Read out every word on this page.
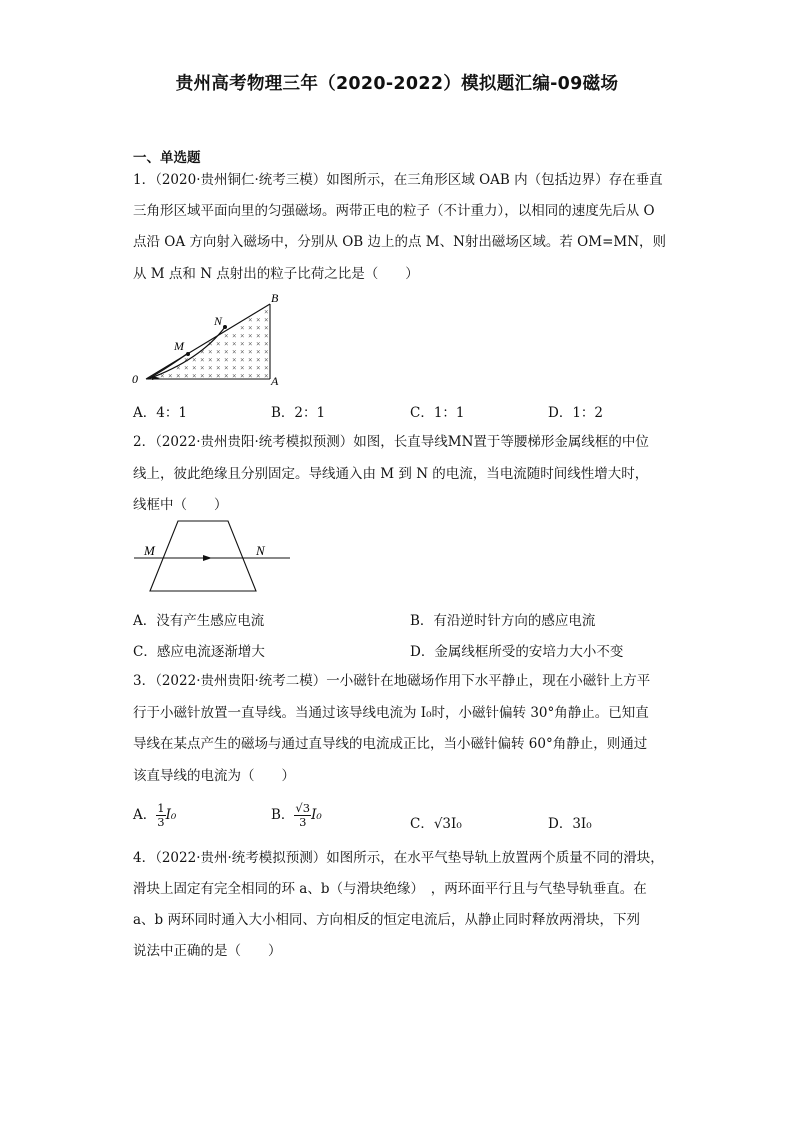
贵州高考物理三年（2020-2022）模拟题汇编-09磁场
一、单选题
1．（2020·贵州铜仁·统考三模）如图所示，在三角形区域 OAB 内（包括边界）存在垂直
三角形区域平面向里的匀强磁场。两带正电的粒子（不计重力），以相同的速度先后从 O
点沿 OA 方向射入磁场中，分别从 OB 边上的点 M、N射出磁场区域。若 OM=MN，则
从 M 点和 N 点射出的粒子比荷之比是（　　）
×
× × ×
× × × ×
× × × × × ×
× × × × × × × ×
× × × × × × × × ×
× × × × × × × × × × ×
× × × × × × × × × × × ×
× × × × × × × × × × × × × ×
0	A
B
M
N
A．4：1	B．2：1	C．1：1	D．1：2
2．（2022·贵州贵阳·统考模拟预测）如图，长直导线MN置于等腰梯形金属线框的中位
线上，彼此绝缘且分别固定。导线通入由 M 到 N 的电流，当电流随时间线性增大时，
线框中（　　）
M	N
A．没有产生感应电流	B．有沿逆时针方向的感应电流
C．感应电流逐渐增大	D．金属线框所受的安培力大小不变
3．（2022·贵州贵阳·统考二模）一小磁针在地磁场作用下水平静止，现在小磁针上方平
行于小磁针放置一直导线。当通过该导线电流为 I₀时，小磁针偏转 30°角静止。已知直
导线在某点产生的磁场与通过直导线的电流成正比，当小磁针偏转 60°角静止，则通过
该直导线的电流为（　　）
A． $\frac{1}{3} I_0$	B． $\frac{√3}{3} I_0$
C．√3I₀	D．3I₀
4．（2022·贵州·统考模拟预测）如图所示，在水平气垫导轨上放置两个质量不同的滑块，
滑块上固定有完全相同的环 a、b（与滑块绝缘）　，两环面平行且与气垫导轨垂直。在
a、b 两环同时通入大小相同、方向相反的恒定电流后，从静止同时释放两滑块，下列
说法中正确的是（　　）
